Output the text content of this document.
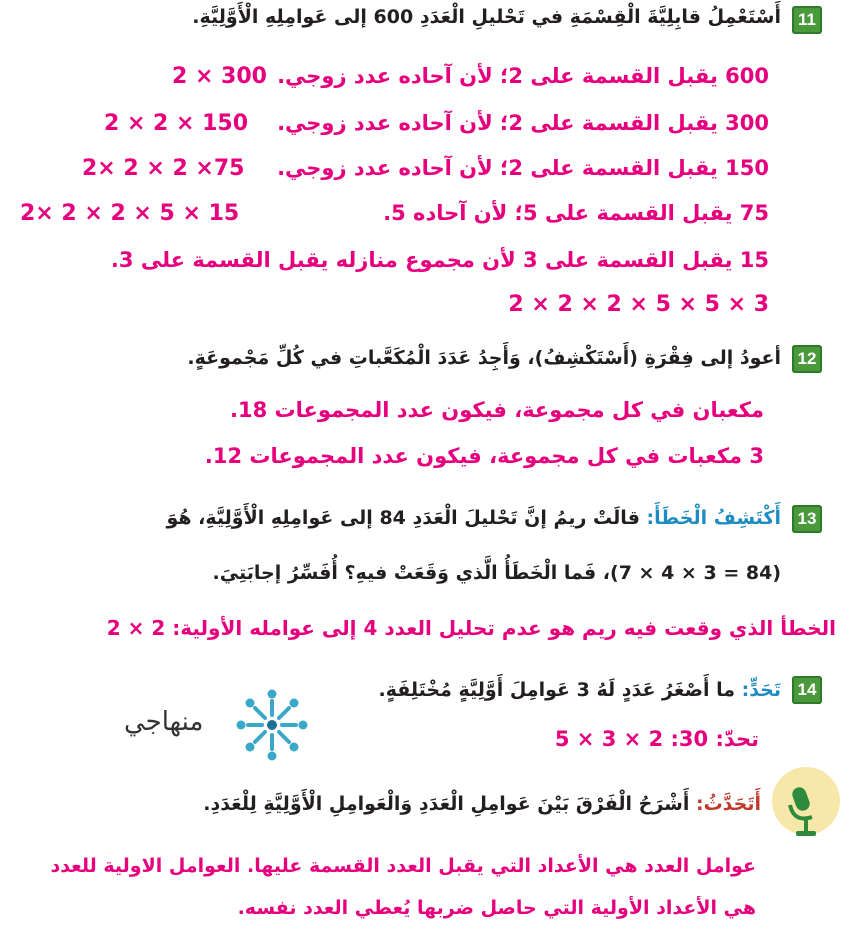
11
أَسْتَعْمِلُ قابِلِيَّةَ الْقِسْمَةِ في تَحْليلِ الْعَدَدِ 600 إلى عَوامِلِهِ الْأَوَّلِيَّةِ.
600 يقبل القسمة على 2؛ لأن آحاده عدد زوجي.
2 × 300
300 يقبل القسمة على 2؛ لأن آحاده عدد زوجي.
2 × 2 × 150
150 يقبل القسمة على 2؛ لأن آحاده عدد زوجي.
2× 2 × 2 ×75
75 يقبل القسمة على 5؛ لأن آحاده 5.
2× 2 × 2 × 5 × 15
15 يقبل القسمة على 3 لأن مجموع منازله يقبل القسمة على 3.
2 × 2 × 2 × 5 × 5 × 3
12
أعودُ إلى فِقْرَةِ (أَسْتَكْشِفُ)، وَأَجِدُ عَدَدَ الْمُكَعَّباتِ في كُلِّ مَجْموعَةٍ.
مكعبان في كل مجموعة، فيكون عدد المجموعات 18.
3 مكعبات في كل مجموعة، فيكون عدد المجموعات 12.
13
أَكْتَشِفُ الْخَطَأَ: قالَتْ ريمُ إنَّ تَحْليلَ الْعَدَدِ 84 إلى عَوامِلِهِ الْأَوَّلِيَّةِ، هُوَ
(84 = 3 × 4 × 7)، فَما الْخَطَأُ الَّذي وَقَعَتْ فيهِ؟ أُفَسِّرُ إجابَتِيَ.
الخطأ الذي وقعت فيه ريم هو عدم تحليل العدد 4 إلى عوامله الأولية: 2 × 2
14
تَحَدٍّ: ما أَصْغَرُ عَدَدٍ لَهُ 3 عَوامِلَ أَوَّلِيَّةٍ مُخْتَلِفَةٍ.
تحدّ: 30: 2 × 3 × 5
منهاجي
أَتَحَدَّثُ: أَشْرَحُ الْفَرْقَ بَيْنَ عَوامِلِ الْعَدَدِ وَالْعَوامِلِ الْأَوَّلِيَّةِ لِلْعَدَدِ.
عوامل العدد هي الأعداد التي يقبل العدد القسمة عليها. العوامل الاولية للعدد
هي الأعداد الأولية التي حاصل ضربها يُعطي العدد نفسه.
